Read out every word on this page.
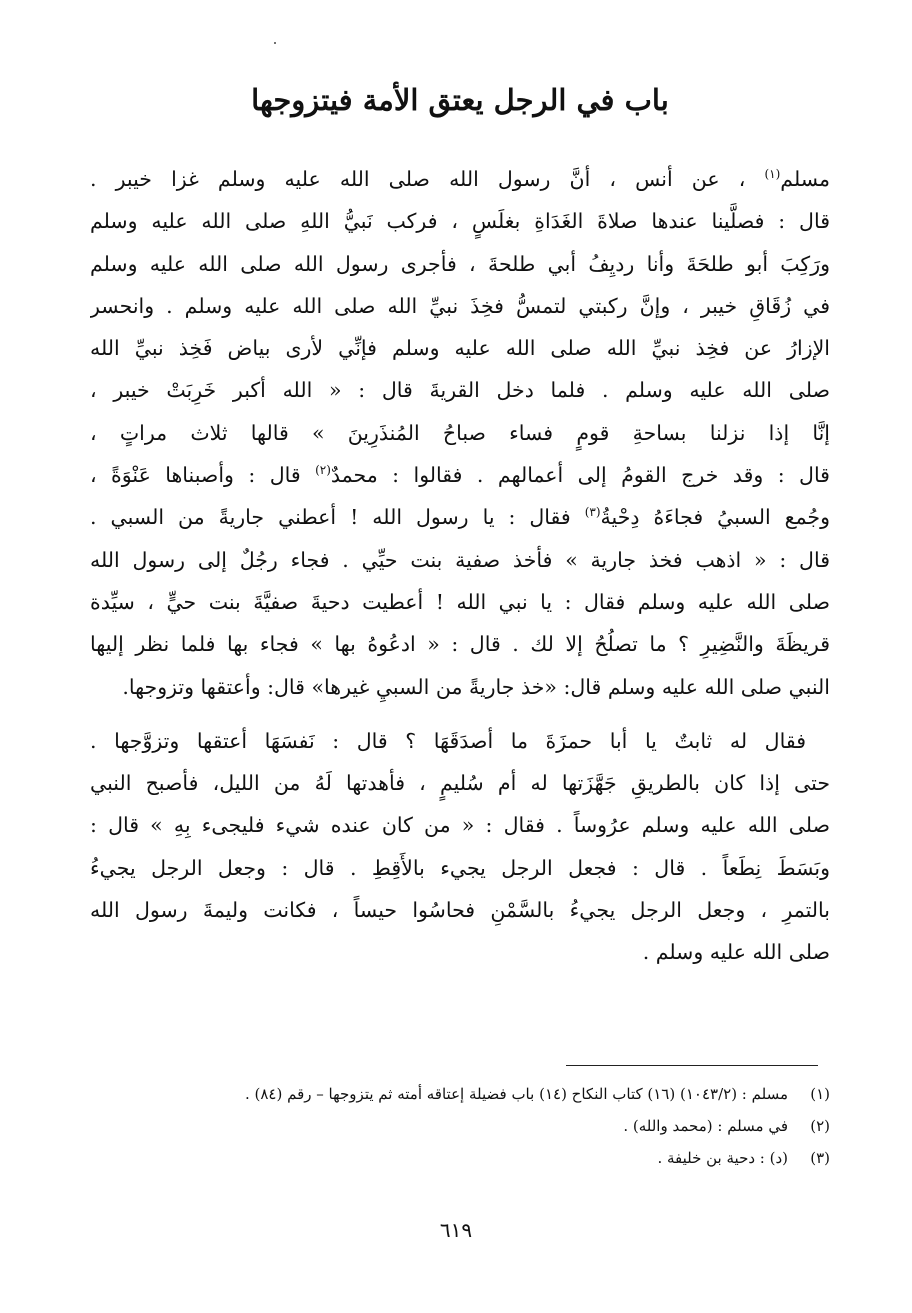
باب في الرجل يعتق الأمة فيتزوجها
مسلم$^{(١)}$ ، عن أنس ، أنَّ رسول الله صلى الله عليه وسلم غزا خيبر .
قال : فصلَّينا عندها صلاةَ الغَدَاةِ بغلَسٍ ، فركب نَبيُّ اللهِ صلى الله عليه وسلم
ورَكِبَ أبو طلحَةَ وأنا رديِفُ أبي طلحةَ ، فأجرى رسول الله صلى الله عليه وسلم
في زُقَاقِ خيبر ، وإنَّ ركبتي لتمسُّ فخِذَ نبيِّ الله صلى الله عليه وسلم . وانحسر
الإزارُ عن فخِذ نبيِّ الله صلى الله عليه وسلم فإنِّي لأرى بياض فَخِذ نبيِّ الله
صلى الله عليه وسلم . فلما دخل القريةَ قال : « الله أكبر خَرِبَتْ خيبر ،
إنَّا إذا نزلنا بساحةِ قومٍ فساء صباحُ المُنذَرِينَ » قالها ثلاث مراتٍ ،
قال : وقد خرج القومُ إلى أعمالهم . فقالوا : محمدٌ$^{(٢)}$ قال : وأصبناها عَنْوَةً ،
وجُمع السبيُ فجاءَهُ دِحْيةُ$^{(٣)}$ فقال : يا رسول الله ! أعطني جاريةً من السبي .
قال : « اذهب فخذ جارية » فأخذ صفية بنت حيِّي . فجاء رجُلٌ إلى رسول الله
صلى الله عليه وسلم فقال : يا نبي الله ! أعطيت دحيةَ صفيَّةَ بنت حيٍّ ، سيِّدة
قريظَةَ والنَّضِيرِ ؟ ما تصلُحُ إلا لك . قال : « ادعُوهُ بها » فجاء بها فلما نظر إليها
النبي صلى الله عليه وسلم قال: «خذ جاريةً من السبيِ غيرها» قال: وأعتقها وتزوجها.
فقال له ثابتٌ يا أبا حمزَةَ ما أصدَقَهَا ؟ قال : نَفسَهَا أعتقها وتزوَّجها .
حتى إذا كان بالطريقِ جَهَّزَتها له أم سُليمٍ ، فأهدتها لَهُ من الليل، فأصبح النبي
صلى الله عليه وسلم عرُوساً . فقال : « من كان عنده شيء فليجىء بِهِ » قال :
وبَسَطَ نِطَعاً . قال : فجعل الرجل يجيء بالأَقِطِ . قال : وجعل الرجل يجيءُ
بالتمرِ ، وجعل الرجل يجيءُ بالسَّمْنِ فحاسُوا حيساً ، فكانت وليمةَ رسول الله
صلى الله عليه وسلم .
(١)مسلم : (١٠٤٣/٢) (١٦) كتاب النكاح (١٤) باب فضيلة إعتاقه أمته ثم يتزوجها – رقم (٨٤) .
(٢)في مسلم : (محمد والله) .
(٣)(د) : دحية بن خليفة .
٦١٩
